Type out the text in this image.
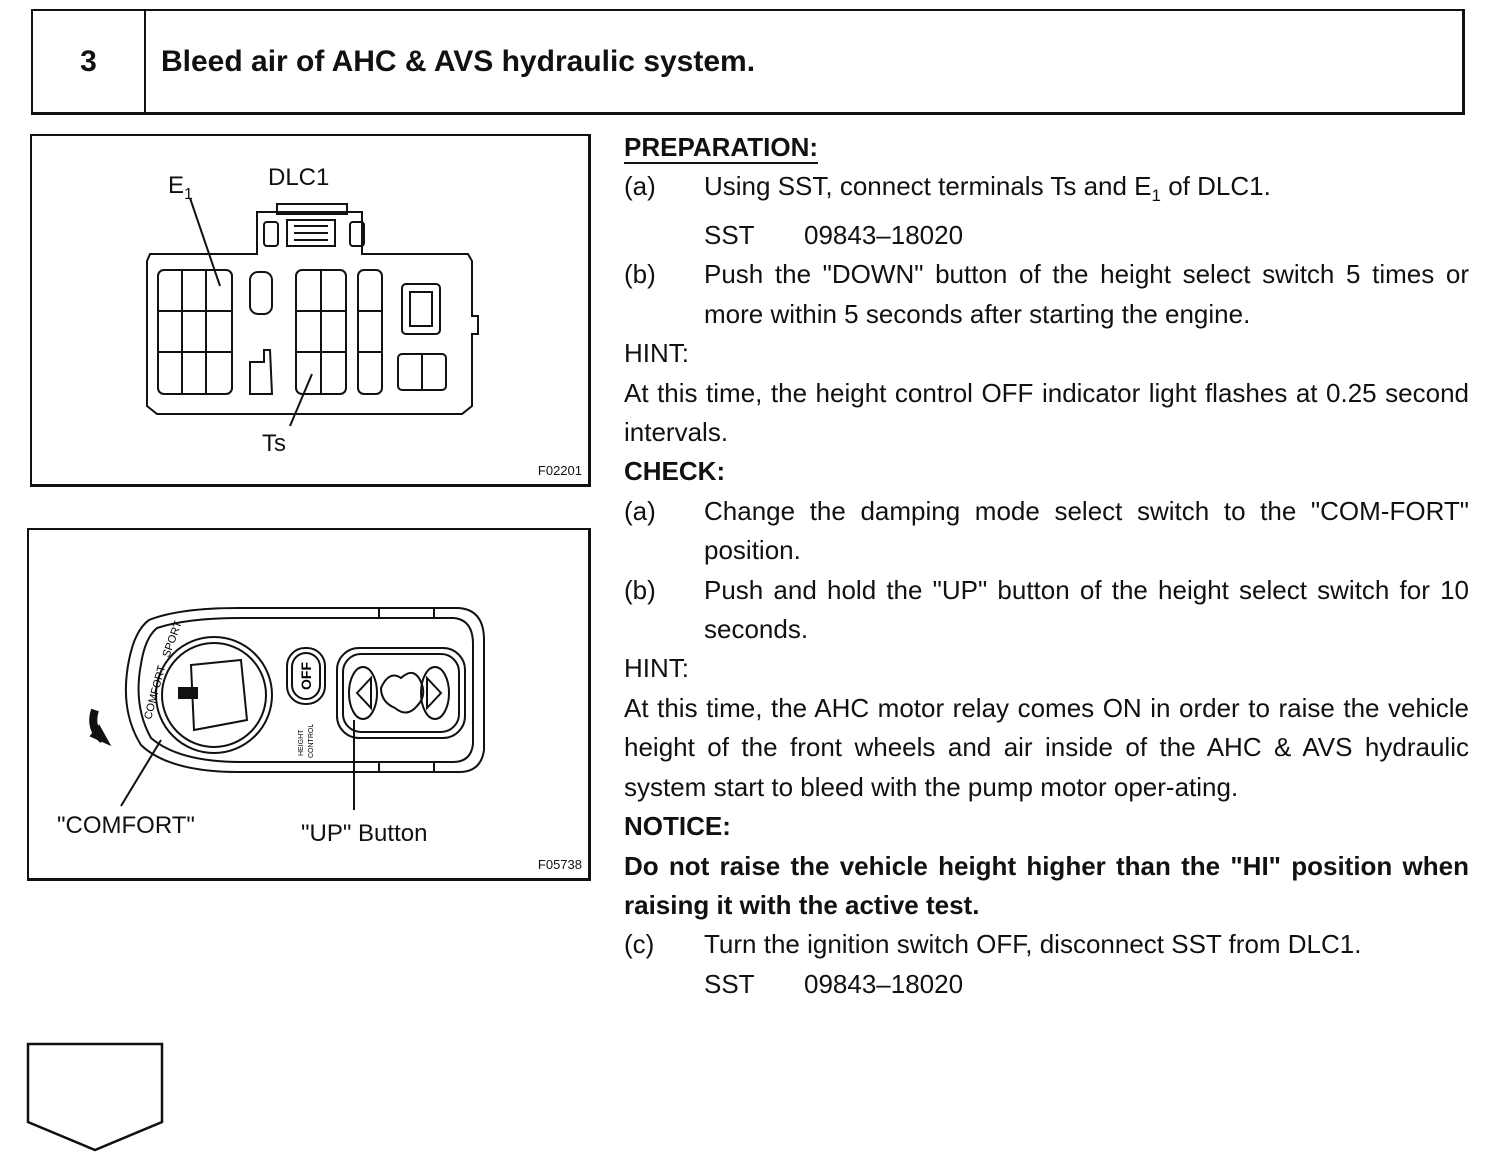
3	Bleed air of AHC & AVS hydraulic system.
$E_1$
DLC1
Ts
F02201
COMFORT
SPORT
OFF
HEIGHT CONTROL
"COMFORT"	"UP" Button
F05738
PREPARATION:
(a)	Using SST, connect terminals Ts and $E_1$ of DLC1.
SST 09843–18020
(b)	Push the "DOWN" button of the height select switch 5 times or more within 5 seconds after starting the engine.
HINT:
At this time, the height control OFF indicator light flashes at 0.25 second intervals.
CHECK:
(a)	Change the damping mode select switch to the "COM-FORT" position.
(b)	Push and hold the "UP" button of the height select switch for 10 seconds.
HINT:
At this time, the AHC motor relay comes ON in order to raise the vehicle height of the front wheels and air inside of the AHC & AVS hydraulic system start to bleed with the pump motor oper-ating.
NOTICE:
Do not raise the vehicle height higher than the "HI" position when raising it with the active test.
(c)	Turn the ignition switch OFF, disconnect SST from DLC1.
SST 09843–18020
